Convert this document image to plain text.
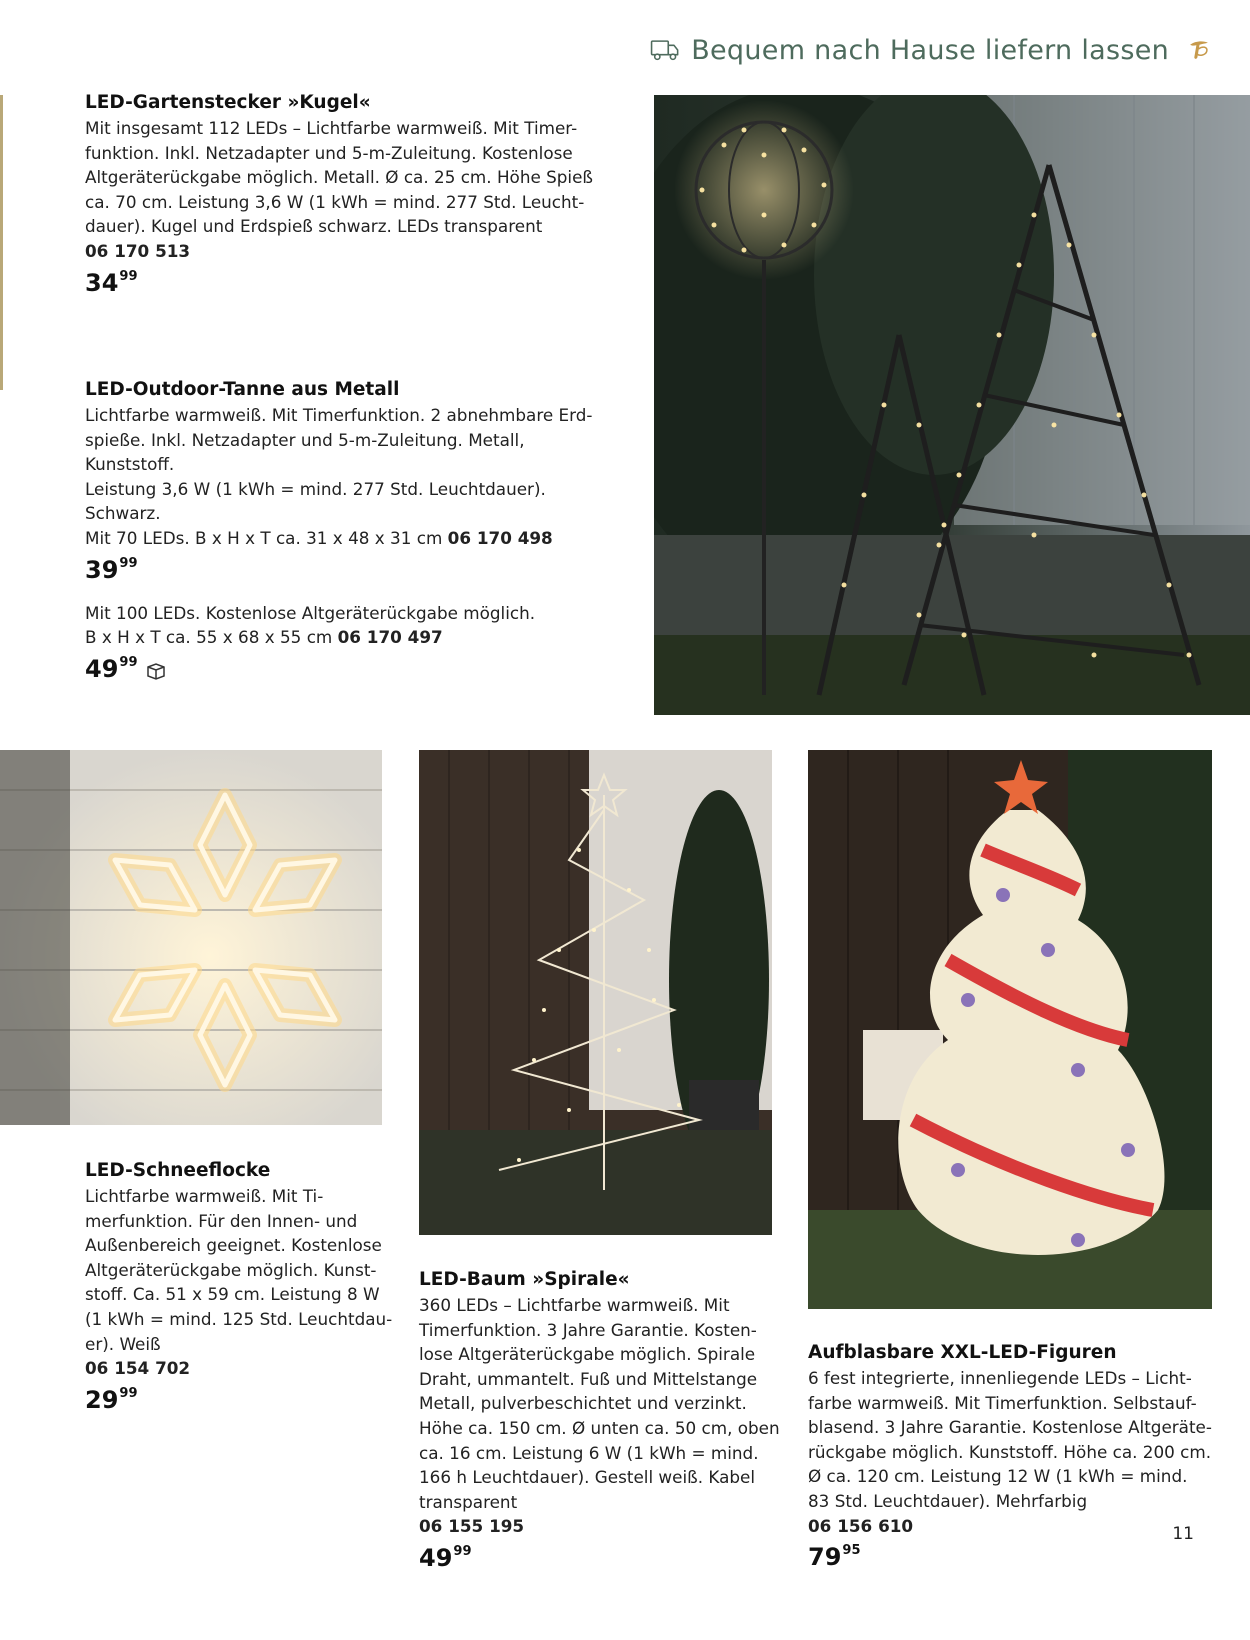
Bequem nach Hause liefern lassen
LED-Gartenstecker »Kugel«
Mit insgesamt 112 LEDs – Lichtfarbe warmweiß. Mit Timer-
funktion. Inkl. Netzadapter und 5-m-Zuleitung. Kostenlose
Altgeräterückgabe möglich. Metall. Ø ca. 25 cm. Höhe Spieß
ca. 70 cm. Leistung 3,6 W (1 kWh = mind. 277 Std. Leucht-
dauer). Kugel und Erdspieß schwarz. LEDs transparent
06 170 513
$34^{99}$
LED-Outdoor-Tanne aus Metall
Lichtfarbe warmweiß. Mit Timerfunktion. 2 abnehmbare Erd-
spieße. Inkl. Netzadapter und 5-m-Zuleitung. Metall, Kunststoff.
Leistung 3,6 W (1 kWh = mind. 277 Std. Leuchtdauer). Schwarz.
Mit 70 LEDs. B x H x T ca. 31 x 48 x 31 cm 06 170 498
$39^{99}$
Mit 100 LEDs. Kostenlose Altgeräterückgabe möglich.
B x H x T ca. 55 x 68 x 55 cm 06 170 497
$49^{99}$
LED-Schneeflocke
Lichtfarbe warmweiß. Mit Ti-
merfunktion. Für den Innen- und
Außenbereich geeignet. Kostenlose
Altgeräterückgabe möglich. Kunst-
stoff. Ca. 51 x 59 cm. Leistung 8 W
(1 kWh = mind. 125 Std. Leuchtdau-
er). Weiß
06 154 702
$29^{99}$
LED-Baum »Spirale«
360 LEDs – Lichtfarbe warmweiß. Mit
Timerfunktion. 3 Jahre Garantie. Kosten-
lose Altgeräterückgabe möglich. Spirale
Draht, ummantelt. Fuß und Mittelstange
Metall, pulverbeschichtet und verzinkt.
Höhe ca. 150 cm. Ø unten ca. 50 cm, oben
ca. 16 cm. Leistung 6 W (1 kWh = mind.
166 h Leuchtdauer). Gestell weiß. Kabel
transparent
06 155 195
$49^{99}$
Aufblasbare XXL-LED-Figuren
6 fest integrierte, innenliegende LEDs – Licht-
farbe warmweiß. Mit Timerfunktion. Selbstauf-
blasend. 3 Jahre Garantie. Kostenlose Altgeräte-
rückgabe möglich. Kunststoff. Höhe ca. 200 cm.
Ø ca. 120 cm. Leistung 12 W (1 kWh = mind.
83 Std. Leuchtdauer). Mehrfarbig
06 156 610
$79^{95}$
11
